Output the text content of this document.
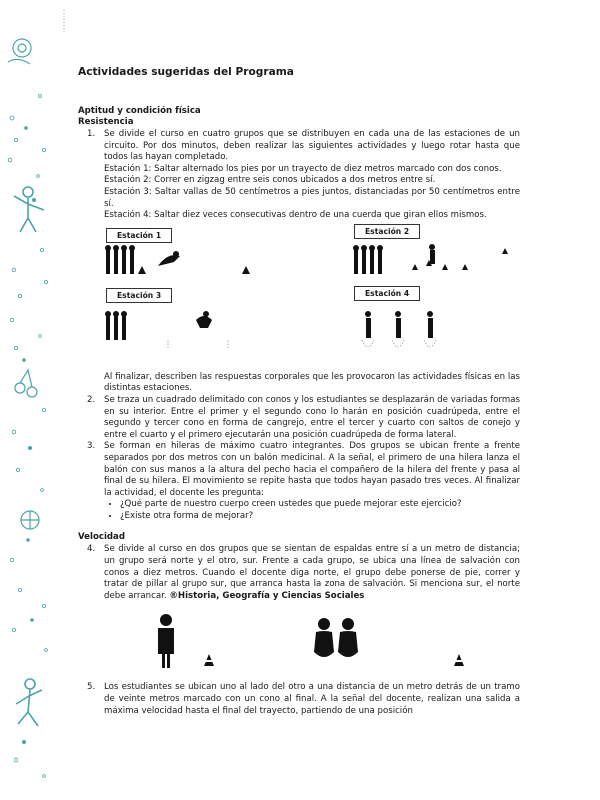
Actividades sugeridas del Programa
Aptitud y condición física
Resistencia
1. Se divide el curso en cuatro grupos que se distribuyen en cada una de las estaciones de un circuito. Por dos minutos, deben realizar las siguientes actividades y luego rotar hasta que todos las hayan completado.
Estación 1: Saltar alternado los pies por un trayecto de diez metros marcado con dos conos.
Estación 2: Correr en zigzag entre seis conos ubicados a dos metros entre sí.
Estación 3: Saltar vallas de 50 centímetros a pies juntos, distanciadas por 50 centímetros entre sí.
Estación 4: Saltar diez veces consecutivas dentro de una cuerda que giran ellos mismos.
Estación 1	Estación 2
Estación 3	Estación 4
Al finalizar, describen las respuestas corporales que les provocaron las actividades físicas en las distintas estaciones.
2. Se traza un cuadrado delimitado con conos y los estudiantes se desplazarán de variadas formas en su interior. Entre el primer y el segundo cono lo harán en posición cuadrúpeda, entre el segundo y tercer cono en forma de cangrejo, entre el tercer y cuarto con saltos de conejo y entre el cuarto y el primero ejecutarán una posición cuadrúpeda de forma lateral.
3. Se forman en hileras de máximo cuatro integrantes. Dos grupos se ubican frente a frente separados por dos metros con un balón medicinal. A la señal, el primero de una hilera lanza el balón con sus manos a la altura del pecho hacia el compañero de la hilera del frente y pasa al final de su hilera. El movimiento se repite hasta que todos hayan pasado tres veces. Al finalizar la actividad, el docente les pregunta:
• ¿Qué parte de nuestro cuerpo creen ustedes que puede mejorar este ejercicio?
• ¿Existe otra forma de mejorar?
Velocidad
4. Se divide al curso en dos grupos que se sientan de espaldas entre sí a un metro de distancia; un grupo será norte y el otro, sur. Frente a cada grupo, se ubica una línea de salvación con conos a diez metros. Cuando el docente diga norte, el grupo debe ponerse de pie, correr y tratar de pillar al grupo sur, que arranca hasta la zona de salvación. Si menciona sur, el norte debe arrancar. ®Historia, Geografía y Ciencias Sociales
5. Los estudiantes se ubican uno al lado del otro a una distancia de un metro detrás de un tramo de veinte metros marcado con un cono al final. A la señal del docente, realizan una salida a máxima velocidad hasta el final del trayecto, partiendo de una posición
